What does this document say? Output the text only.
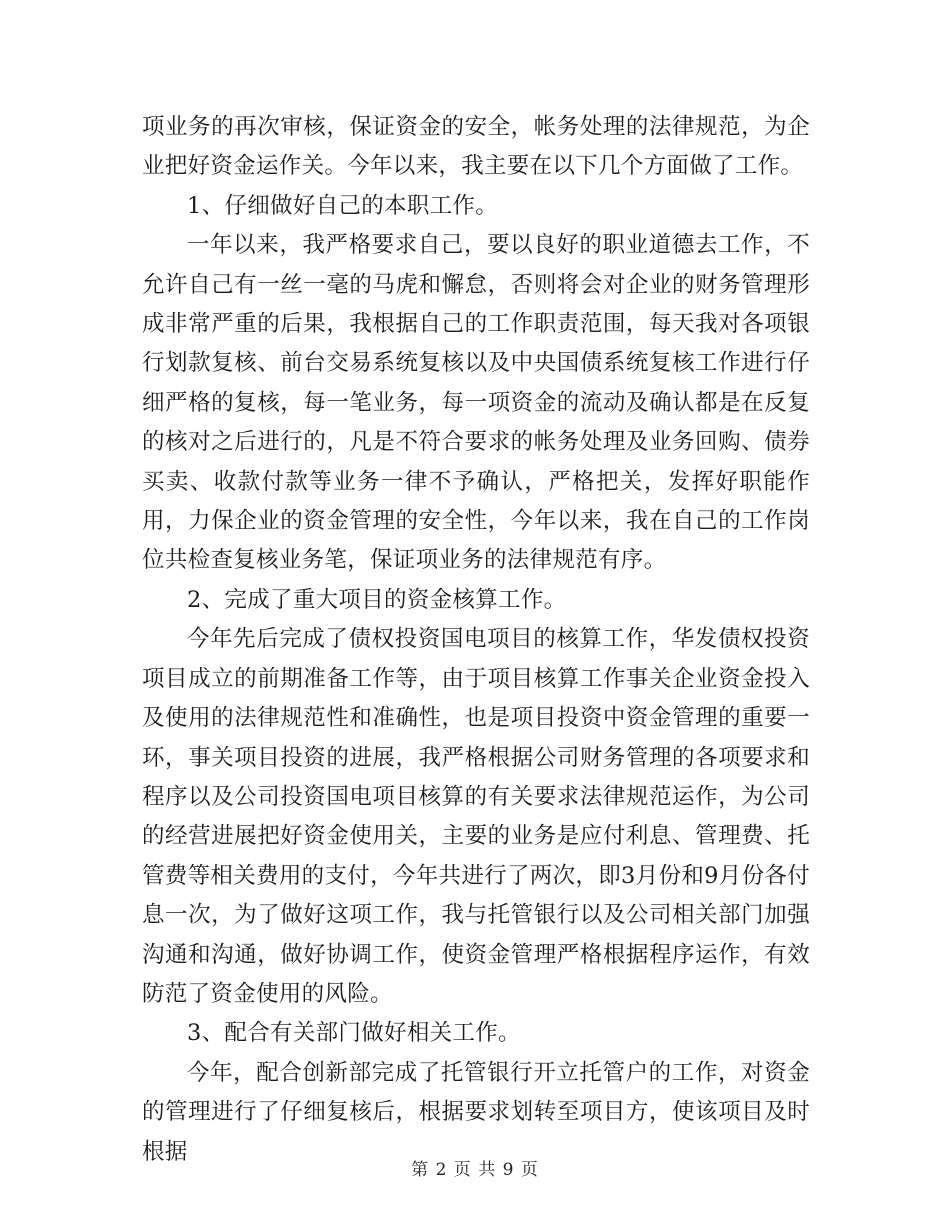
项业务的再次审核，保证资金的安全，帐务处理的法律规范，为企业把好资金运作关。今年以来，我主要在以下几个方面做了工作。

1、仔细做好自己的本职工作。

一年以来，我严格要求自己，要以良好的职业道德去工作，不允许自己有一丝一毫的马虎和懈怠，否则将会对企业的财务管理形成非常严重的后果，我根据自己的工作职责范围，每天我对各项银行划款复核、前台交易系统复核以及中央国债系统复核工作进行仔细严格的复核，每一笔业务，每一项资金的流动及确认都是在反复的核对之后进行的，凡是不符合要求的帐务处理及业务回购、债券买卖、收款付款等业务一律不予确认，严格把关，发挥好职能作用，力保企业的资金管理的安全性，今年以来，我在自己的工作岗位共检查复核业务笔，保证项业务的法律规范有序。

2、完成了重大项目的资金核算工作。

今年先后完成了债权投资国电项目的核算工作，华发债权投资项目成立的前期准备工作等，由于项目核算工作事关企业资金投入及使用的法律规范性和准确性，也是项目投资中资金管理的重要一环，事关项目投资的进展，我严格根据公司财务管理的各项要求和程序以及公司投资国电项目核算的有关要求法律规范运作，为公司的经营进展把好资金使用关，主要的业务是应付利息、管理费、托管费等相关费用的支付，今年共进行了两次，即3月份和9月份各付息一次，为了做好这项工作，我与托管银行以及公司相关部门加强沟通和沟通，做好协调工作，使资金管理严格根据程序运作，有效防范了资金使用的风险。

3、配合有关部门做好相关工作。

今年，配合创新部完成了托管银行开立托管户的工作，对资金的管理进行了仔细复核后，根据要求划转至项目方，使该项目及时根据

第 2 页 共 9 页
